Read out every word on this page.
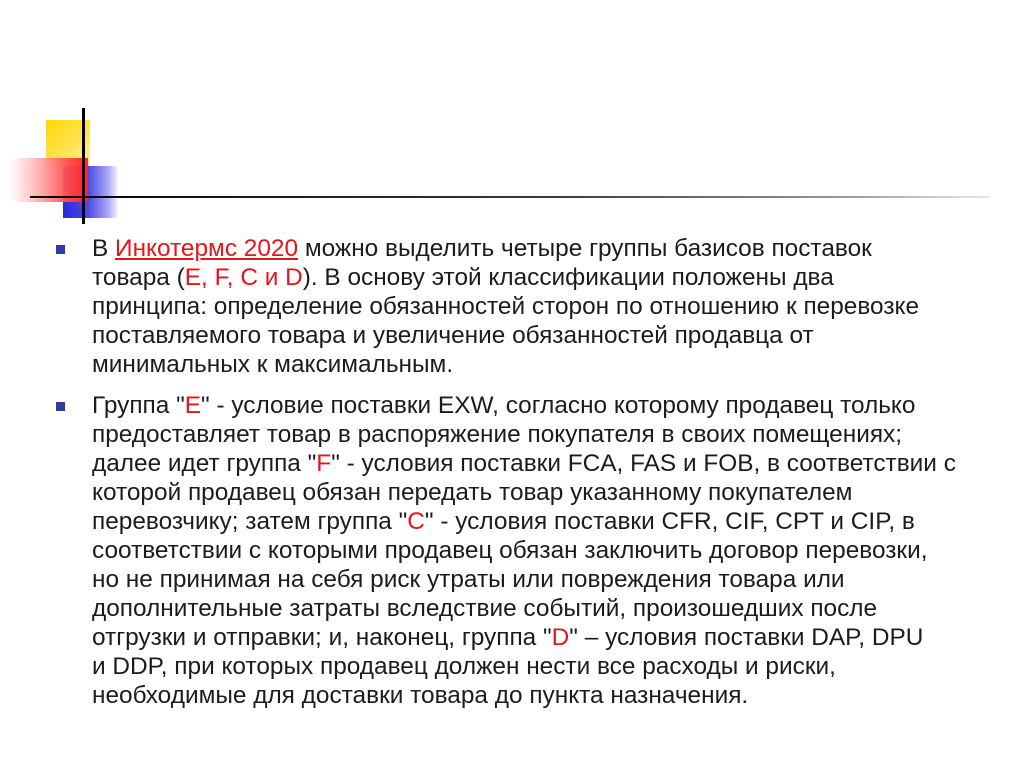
В Инкотермс 2020 можно выделить четыре группы базисов поставок
товара (E, F, C и D). В основу этой классификации положены два
принципа: определение обязанностей сторон по отношению к перевозке
поставляемого товара и увеличение обязанностей продавца от
минимальных к максимальным.

Группа "E" - условие поставки EXW, согласно которому продавец только
предоставляет товар в распоряжение покупателя в своих помещениях;
далее идет группа "F" - условия поставки FCA, FAS и FOB, в соответствии с
которой продавец обязан передать товар указанному покупателем
перевозчику; затем группа "C" - условия поставки CFR, CIF, CPT и CIP, в
соответствии с которыми продавец обязан заключить договор перевозки,
но не принимая на себя риск утраты или повреждения товара или
дополнительные затраты вследствие событий, произошедших после
отгрузки и отправки; и, наконец, группа "D" – условия поставки DAP, DPU
и DDP, при которых продавец должен нести все расходы и риски,
необходимые для доставки товара до пункта назначения.
